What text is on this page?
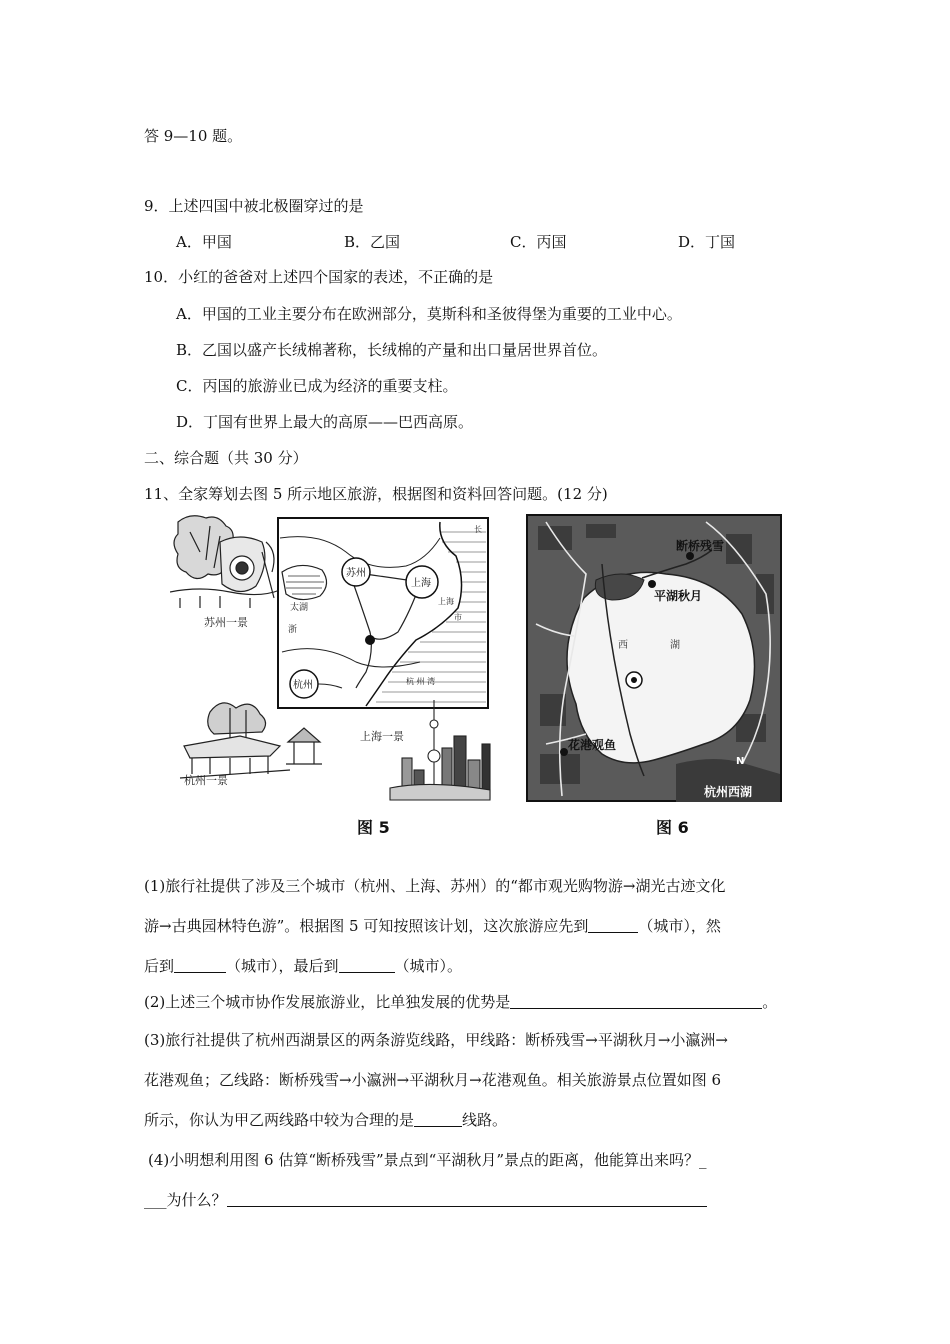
答 9—10 题。
9．上述四国中被北极圈穿过的是
A．甲国	B．乙国	C．丙国	D．丁国
10．小红的爸爸对上述四个国家的表述，不正确的是
A．甲国的工业主要分布在欧洲部分，莫斯科和圣彼得堡为重要的工业中心。
B．乙国以盛产长绒棉著称，长绒棉的产量和出口量居世界首位。
C．丙国的旅游业已成为经济的重要支柱。
D．丁国有世界上最大的高原——巴西高原。
二、综合题（共 30 分）
11、全家筹划去图 5 所示地区旅游，根据图和资料回答问题。(12 分)
苏州一景
杭州一景
太湖
杭 州 湾
长
浙
上海
市
苏州
上海
杭州
上海一景
图 5
西	湖
断桥残雪
平湖秋月
花港观鱼
N
杭州西湖
图 6
(1)旅行社提供了涉及三个城市（杭州、上海、苏州）的“都市观光购物游→湖光古迹文化
游→古典园林特色游”。根据图 5 可知按照该计划，这次旅游应先到	（城市），然
后到	（城市），最后到	（城市）。
(2)上述三个城市协作发展旅游业，比单独发展的优势是	。
(3)旅行社提供了杭州西湖景区的两条游览线路，甲线路：断桥残雪→平湖秋月→小瀛洲→
花港观鱼；乙线路：断桥残雪→小瀛洲→平湖秋月→花港观鱼。相关旅游景点位置如图 6
所示，你认为甲乙两线路中较为合理的是	线路。
(4)小明想利用图 6 估算“断桥残雪”景点到“平湖秋月”景点的距离，他能算出来吗？_
___为什么？
